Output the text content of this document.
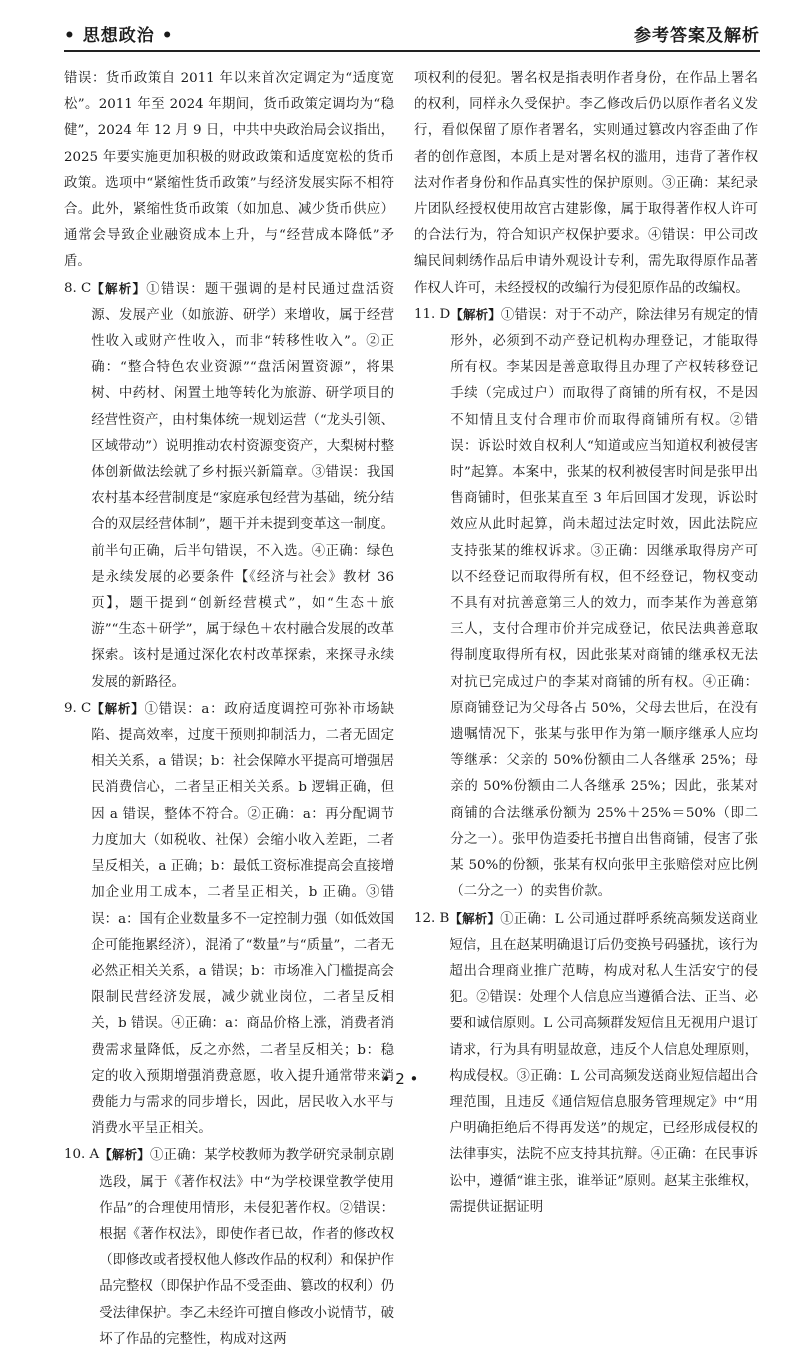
• 思想政治 •	参考答案及解析

错误：货币政策自 2011 年以来首次定调定为“适度宽松”。2011 年至 2024 年期间，货币政策定调均为“稳健”，2024 年 12 月 9 日，中共中央政治局会议指出，2025 年要实施更加积极的财政政策和适度宽松的货币政策。选项中“紧缩性货币政策”与经济发展实际不相符合。此外，紧缩性货币政策（如加息、减少货币供应）通常会导致企业融资成本上升，与“经营成本降低”矛盾。

8. C 【解析】①错误：题干强调的是村民通过盘活资源、发展产业（如旅游、研学）来增收，属于经营性收入或财产性收入，而非“转移性收入”。②正确：“整合特色农业资源”“盘活闲置资源”，将果树、中药材、闲置土地等转化为旅游、研学项目的经营性资产，由村集体统一规划运营（“龙头引领、区域带动”）说明推动农村资源变资产，大梨树村整体创新做法绘就了乡村振兴新篇章。③错误：我国农村基本经营制度是“家庭承包经营为基础，统分结合的双层经营体制”，题干并未提到变革这一制度。前半句正确，后半句错误，不入选。④正确：绿色是永续发展的必要条件【《经济与社会》教材 36 页】，题干提到“创新经营模式”，如“生态＋旅游”“生态＋研学”，属于绿色＋农村融合发展的改革探索。该村是通过深化农村改革探索，来探寻永续发展的新路径。

9. C 【解析】①错误：a：政府适度调控可弥补市场缺陷、提高效率，过度干预则抑制活力，二者无固定相关关系，a 错误；b：社会保障水平提高可增强居民消费信心，二者呈正相关关系。b 逻辑正确，但因 a 错误，整体不符合。②正确：a：再分配调节力度加大（如税收、社保）会缩小收入差距，二者呈反相关，a 正确；b：最低工资标准提高会直接增加企业用工成本，二者呈正相关，b 正确。③错误：a：国有企业数量多不一定控制力强（如低效国企可能拖累经济），混淆了“数量”与“质量”，二者无必然正相关关系，a 错误；b：市场准入门槛提高会限制民营经济发展，减少就业岗位，二者呈反相关，b 错误。④正确：a：商品价格上涨，消费者消费需求量降低，反之亦然，二者呈反相关；b：稳定的收入预期增强消费意愿，收入提升通常带来消费能力与需求的同步增长，因此，居民收入水平与消费水平呈正相关。

10. A 【解析】①正确：某学校教师为教学研究录制京剧选段，属于《著作权法》中“为学校课堂教学使用作品”的合理使用情形，未侵犯著作权。②错误：根据《著作权法》，即使作者已故，作者的修改权（即修改或者授权他人修改作品的权利）和保护作品完整权（即保护作品不受歪曲、篡改的权利）仍受法律保护。李乙未经许可擅自修改小说情节，破坏了作品的完整性，构成对这两

项权利的侵犯。署名权是指表明作者身份，在作品上署名的权利，同样永久受保护。李乙修改后仍以原作者名义发行，看似保留了原作者署名，实则通过篡改内容歪曲了作者的创作意图，本质上是对署名权的滥用，违背了著作权法对作者身份和作品真实性的保护原则。③正确：某纪录片团队经授权使用故宫古建影像，属于取得著作权人许可的合法行为，符合知识产权保护要求。④错误：甲公司改编民间刺绣作品后申请外观设计专利，需先取得原作品著作权人许可，未经授权的改编行为侵犯原作品的改编权。

11. D 【解析】①错误：对于不动产，除法律另有规定的情形外，必须到不动产登记机构办理登记，才能取得所有权。李某因是善意取得且办理了产权转移登记手续（完成过户）而取得了商铺的所有权，不是因不知情且支付合理市价而取得商铺所有权。②错误：诉讼时效自权利人“知道或应当知道权利被侵害时”起算。本案中，张某的权利被侵害时间是张甲出售商铺时，但张某直至 3 年后回国才发现，诉讼时效应从此时起算，尚未超过法定时效，因此法院应支持张某的维权诉求。③正确：因继承取得房产可以不经登记而取得所有权，但不经登记，物权变动不具有对抗善意第三人的效力，而李某作为善意第三人，支付合理市价并完成登记，依民法典善意取得制度取得所有权，因此张某对商铺的继承权无法对抗已完成过户的李某对商铺的所有权。④正确：原商铺登记为父母各占 50%，父母去世后，在没有遗嘱情况下，张某与张甲作为第一顺序继承人应均等继承：父亲的 50%份额由二人各继承 25%；母亲的 50%份额由二人各继承 25%；因此，张某对商铺的合法继承份额为 25%＋25%＝50%（即二分之一）。张甲伪造委托书擅自出售商铺，侵害了张某 50%的份额，张某有权向张甲主张赔偿对应比例（二分之一）的卖售价款。

12. B 【解析】①正确：L 公司通过群呼系统高频发送商业短信，且在赵某明确退订后仍变换号码骚扰，该行为超出合理商业推广范畴，构成对私人生活安宁的侵犯。②错误：处理个人信息应当遵循合法、正当、必要和诚信原则。L 公司高频群发短信且无视用户退订请求，行为具有明显故意，违反个人信息处理原则，构成侵权。③正确：L 公司高频发送商业短信超出合理范围，且违反《通信短信息服务管理规定》中“用户明确拒绝后不得再发送”的规定，已经形成侵权的法律事实，法院不应支持其抗辩。④正确：在民事诉讼中，遵循“谁主张，谁举证”原则。赵某主张维权，需提供证据证明

• 2 •
